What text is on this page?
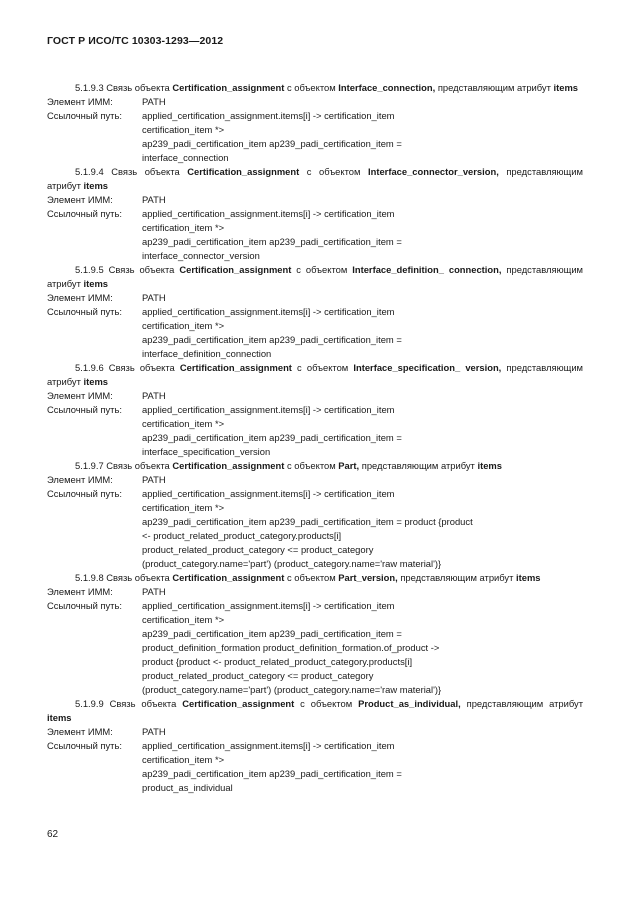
ГОСТ Р ИСО/ТС 10303-1293—2012
5.1.9.3 Связь объекта Certification_assignment с объектом Interface_connection, представляющим атрибут items
Элемент ИММ:	PATH
Ссылочный путь:	applied_certification_assignment.items[i] -> certification_item
certification_item *>
ap239_padi_certification_item ap239_padi_certification_item =
interface_connection
5.1.9.4 Связь объекта Certification_assignment с объектом Interface_connector_version, представляющим атрибут items
Элемент ИММ:	PATH
Ссылочный путь:	applied_certification_assignment.items[i] -> certification_item
certification_item *>
ap239_padi_certification_item ap239_padi_certification_item =
interface_connector_version
5.1.9.5 Связь объекта Certification_assignment с объектом Interface_definition_ connection, представляющим атрибут items
Элемент ИММ:	PATH
Ссылочный путь:	applied_certification_assignment.items[i] -> certification_item
certification_item *>
ap239_padi_certification_item ap239_padi_certification_item =
interface_definition_connection
5.1.9.6 Связь объекта Certification_assignment с объектом Interface_specification_ version, представляющим атрибут items
Элемент ИММ:	PATH
Ссылочный путь:	applied_certification_assignment.items[i] -> certification_item
certification_item *>
ap239_padi_certification_item ap239_padi_certification_item =
interface_specification_version
5.1.9.7 Связь объекта Certification_assignment с объектом Part, представляющим атрибут items
Элемент ИММ:	PATH
Ссылочный путь:	applied_certification_assignment.items[i] -> certification_item
certification_item *>
ap239_padi_certification_item ap239_padi_certification_item = product {product
<- product_related_product_category.products[i]
product_related_product_category <= product_category
(product_category.name='part') (product_category.name='raw material')}
5.1.9.8 Связь объекта Certification_assignment с объектом Part_version, представляющим атрибут items
Элемент ИММ:	PATH
Ссылочный путь:	applied_certification_assignment.items[i] -> certification_item
certification_item *>
ap239_padi_certification_item ap239_padi_certification_item =
product_definition_formation product_definition_formation.of_product ->
product {product <- product_related_product_category.products[i]
product_related_product_category <= product_category
(product_category.name='part') (product_category.name='raw material')}
5.1.9.9 Связь объекта Certification_assignment с объектом Product_as_individual, представляющим атрибут items
Элемент ИММ:	PATH
Ссылочный путь:	applied_certification_assignment.items[i] -> certification_item
certification_item *>
ap239_padi_certification_item ap239_padi_certification_item =
product_as_individual
62
